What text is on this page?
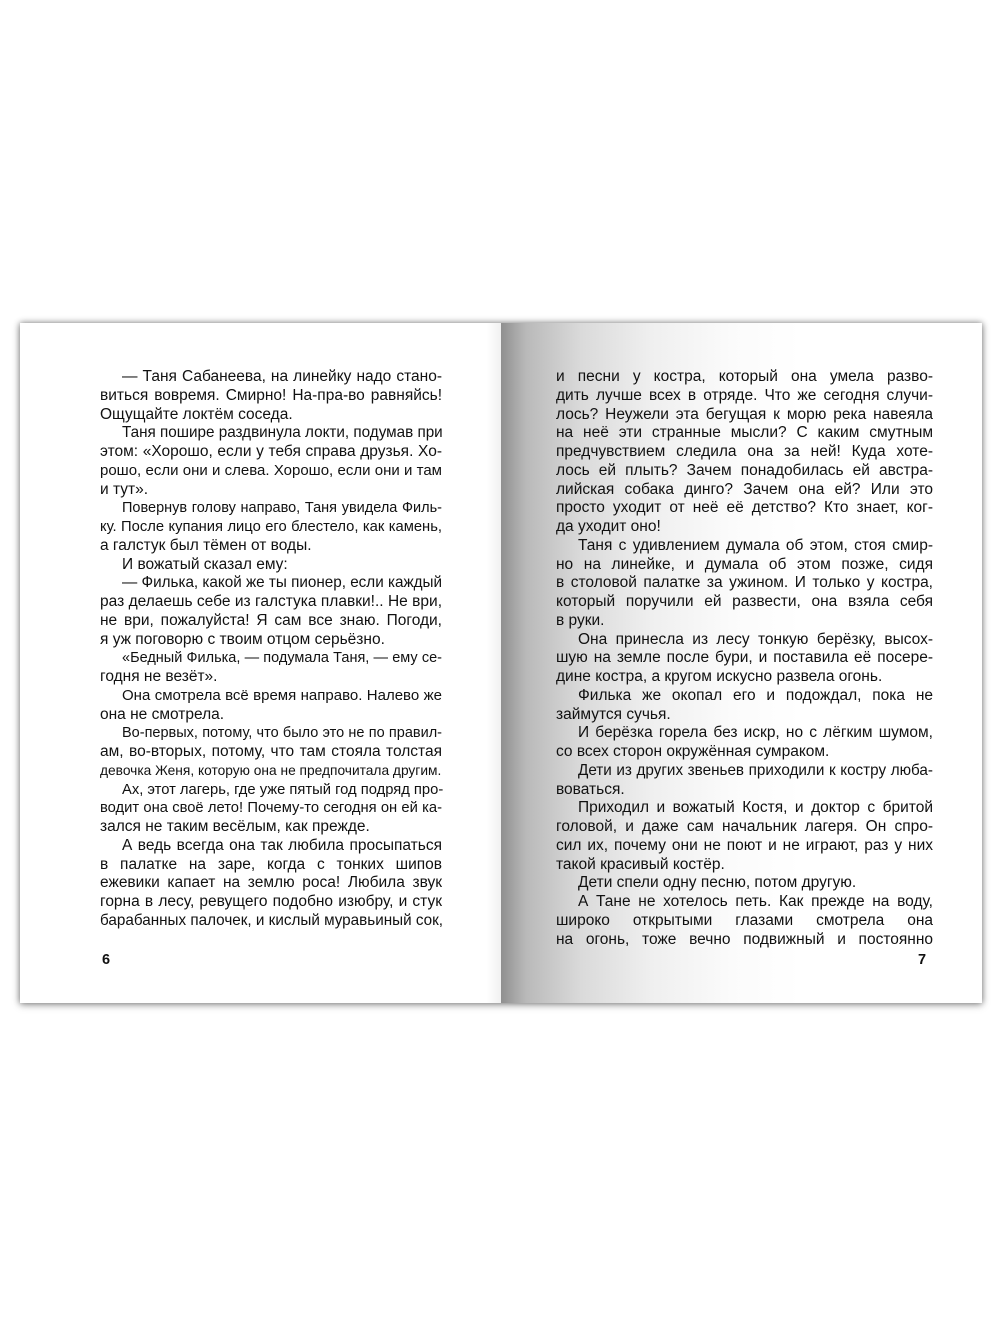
— Таня Сабанеева, на линейку надо стано-
виться вовремя. Смирно! На-пра-во равняйсь!
Ощущайте локтём соседа.
Таня пошире раздвинула локти, подумав при
этом: «Хорошо, если у тебя справа друзья. Хо-
рошо, если они и слева. Хорошо, если они и там
и тут».
Повернув голову направо, Таня увидела Филь-
ку. После купания лицо его блестело, как камень,
а галстук был тёмен от воды.
И вожатый сказал ему:
— Филька, какой же ты пионер, если каждый
раз делаешь себе из галстука плавки!.. Не ври,
не ври, пожалуйста! Я сам все знаю. Погоди,
я уж поговорю с твоим отцом серьёзно.
«Бедный Филька, — подумала Таня, — ему се-
годня не везёт».
Она смотрела всё время направо. Налево же
она не смотрела.
Во-первых, потому, что было это не по правил-
ам, во-вторых, потому, что там стояла толстая
девочка Женя, которую она не предпочитала другим.
Ах, этот лагерь, где уже пятый год подряд про-
водит она своё лето! Почему-то сегодня он ей ка-
зался не таким весёлым, как прежде.
А ведь всегда она так любила просыпаться
в палатке на заре, когда с тонких шипов
ежевики капает на землю роса! Любила звук
горна в лесу, ревущего подобно изюбру, и стук
барабанных палочек, и кислый муравьиный сок,
6
и песни у костра, который она умела разво-
дить лучше всех в отряде. Что же сегодня случи-
лось? Неужели эта бегущая к морю река навеяла
на неё эти странные мысли? С каким смутным
предчувствием следила она за ней! Куда хоте-
лось ей плыть? Зачем понадобилась ей австра-
лийская собака динго? Зачем она ей? Или это
просто уходит от неё её детство? Кто знает, ког-
да уходит оно!
Таня с удивлением думала об этом, стоя смир-
но на линейке, и думала об этом позже, сидя
в столовой палатке за ужином. И только у костра,
который поручили ей развести, она взяла себя
в руки.
Она принесла из лесу тонкую берёзку, высох-
шую на земле после бури, и поставила её посере-
дине костра, а кругом искусно развела огонь.
Филька же окопал его и подождал, пока не
займутся сучья.
И берёзка горела без искр, но с лёгким шумом,
со всех сторон окружённая сумраком.
Дети из других звеньев приходили к костру люба-
воваться.
Приходил и вожатый Костя, и доктор с бритой
головой, и даже сам начальник лагеря. Он спро-
сил их, почему они не поют и не играют, раз у них
такой красивый костёр.
Дети спели одну песню, потом другую.
А Тане не хотелось петь. Как прежде на воду,
широко открытыми глазами смотрела она
на огонь, тоже вечно подвижный и постоянно
7
